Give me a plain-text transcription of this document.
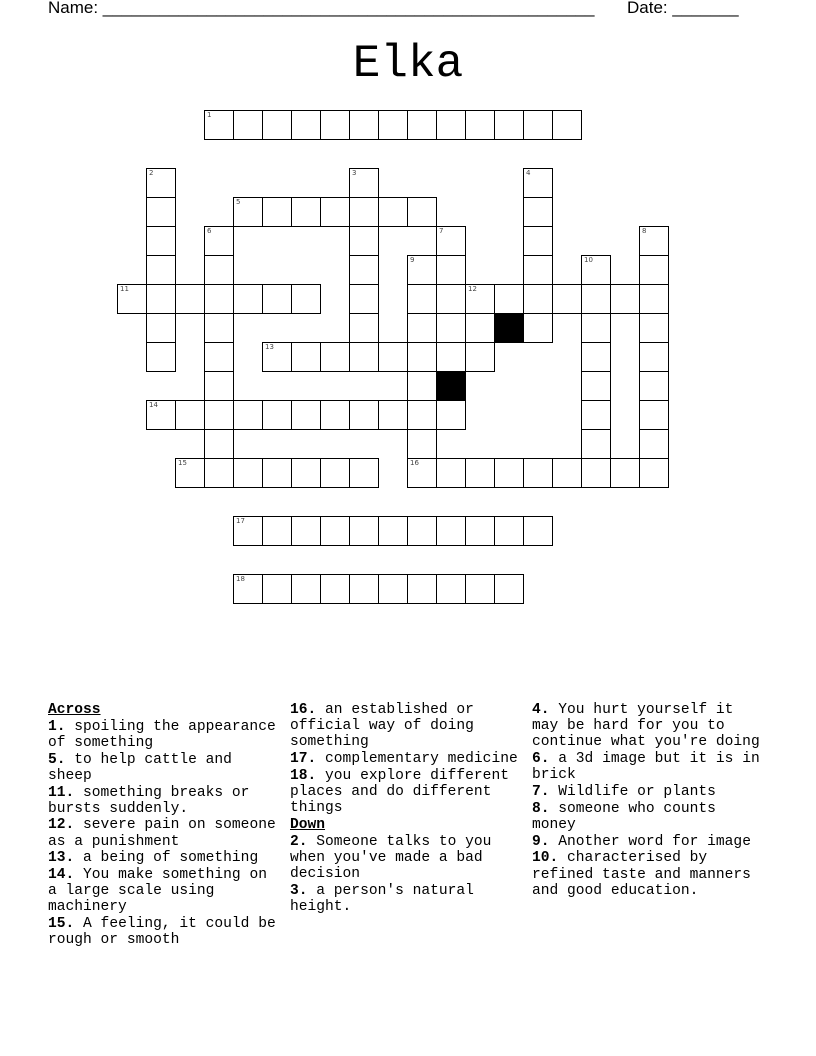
Name: ____________________________________________________ Date: _______
Elka
1
2	3	4
5
6	7	8
9
16
10
11	12
13
14
15
17
18
Across
1. spoiling the appearance of something
5. to help cattle and sheep
11. something breaks or bursts suddenly.
12. severe pain on someone as a punishment
13. a being of something
14. You make something on a large scale using machinery
15. A feeling, it could be rough or smooth
16. an established or official way of doing something
17. complementary medicine
18. you explore different places and do different things
Down
2. Someone talks to you when you've made a bad decision
3. a person's natural height.
4. You hurt yourself it may be hard for you to continue what you're doing
6. a 3d image but it is in brick
7. Wildlife or plants
8. someone who counts money
9. Another word for image
10. characterised by refined taste and manners and good education.
